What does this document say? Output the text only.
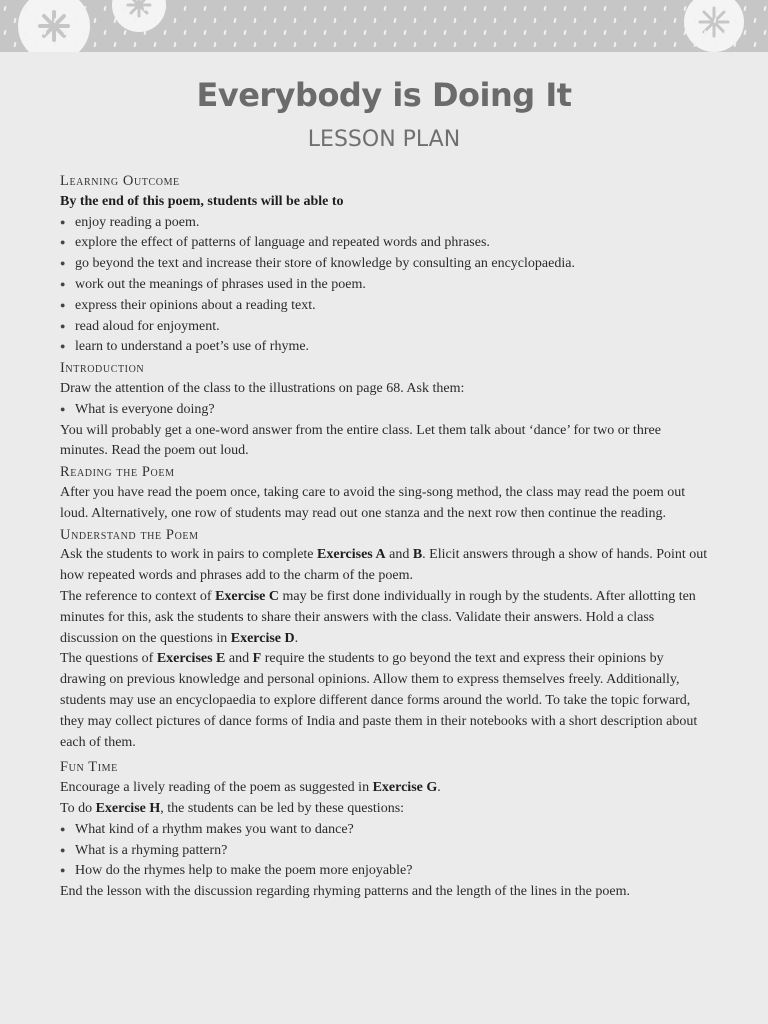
Everybody is Doing It
LESSON PLAN

Learning Outcome

By the end of this poem, students will be able to

● enjoy reading a poem.

● explore the effect of patterns of language and repeated words and phrases.

● go beyond the text and increase their store of knowledge by consulting an encyclopaedia.

● work out the meanings of phrases used in the poem.

● express their opinions about a reading text.

● read aloud for enjoyment.

● learn to understand a poet’s use of rhyme.

Introduction

Draw the attention of the class to the illustrations on page 68. Ask them:

● What is everyone doing?

You will probably get a one-word answer from the entire class. Let them talk about ‘dance’ for two or three minutes. Read the poem out loud.

Reading the Poem

After you have read the poem once, taking care to avoid the sing-song method, the class may read the poem out loud. Alternatively, one row of students may read out one stanza and the next row then continue the reading.

Understand the Poem

Ask the students to work in pairs to complete Exercises A and B. Elicit answers through a show of hands. Point out how repeated words and phrases add to the charm of the poem.

The reference to context of Exercise C may be first done individually in rough by the students. After allotting ten minutes for this, ask the students to share their answers with the class. Validate their answers. Hold a class discussion on the questions in Exercise D.

The questions of Exercises E and F require the students to go beyond the text and express their opinions by drawing on previous knowledge and personal opinions. Allow them to express themselves freely. Additionally, students may use an encyclopaedia to explore different dance forms around the world. To take the topic forward, they may collect pictures of dance forms of India and paste them in their notebooks with a short description about each of them.

Fun Time

Encourage a lively reading of the poem as suggested in Exercise G.

To do Exercise H, the students can be led by these questions:

● What kind of a rhythm makes you want to dance?

● What is a rhyming pattern?

● How do the rhymes help to make the poem more enjoyable?

End the lesson with the discussion regarding rhyming patterns and the length of the lines in the poem.
